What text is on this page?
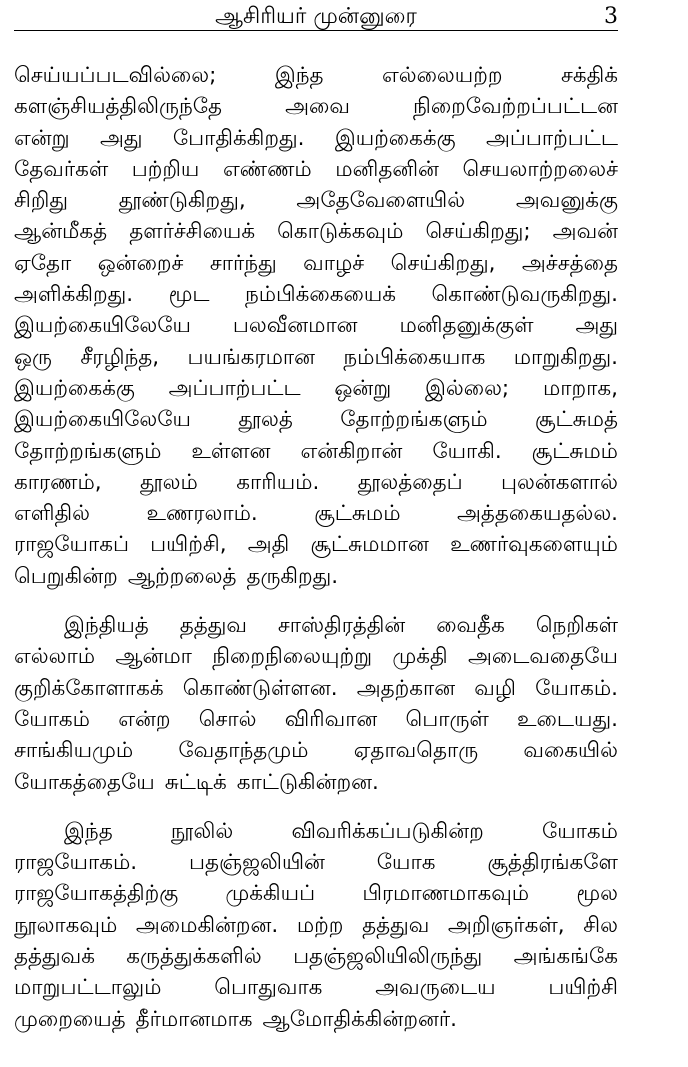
ஆசிரியர் முன்னுரை	3
செய்யப்படவில்லை;	இந்த	எல்லையற்ற	சக்திக்
களஞ்சியத்திலிருந்தே	அவை	நிறைவேற்றப்பட்டன
என்று அது போதிக்கிறது. இயற்கைக்கு அப்பாற்பட்ட
தேவர்கள் பற்றிய எண்ணம் மனிதனின் செயலாற்றலைச்
சிறிது தூண்டுகிறது, அதேவேளையில் அவனுக்கு
ஆன்மீகத் தளர்ச்சியைக் கொடுக்கவும் செய்கிறது; அவன்
ஏதோ ஒன்றைச் சார்ந்து வாழச் செய்கிறது, அச்சத்தை
அளிக்கிறது. மூட நம்பிக்கையைக் கொண்டுவருகிறது.
இயற்கையிலேயே பலவீனமான மனிதனுக்குள் அது
ஒரு சீரழிந்த, பயங்கரமான நம்பிக்கையாக மாறுகிறது.
இயற்கைக்கு அப்பாற்பட்ட ஒன்று இல்லை; மாறாக,
இயற்கையிலேயே தூலத் தோற்றங்களும் சூட்சுமத்
தோற்றங்களும் உள்ளன என்கிறான் யோகி. சூட்சுமம்
காரணம், தூலம் காரியம். தூலத்தைப் புலன்களால்
எளிதில்	உணரலாம்.	சூட்சுமம்	அத்தகையதல்ல.
ராஜயோகப் பயிற்சி, அதி சூட்சுமமான உணர்வுகளையும்
பெறுகின்ற ஆற்றலைத் தருகிறது.
இந்தியத் தத்துவ சாஸ்திரத்தின் வைதீக நெறிகள்
எல்லாம் ஆன்மா நிறைநிலையுற்று முக்தி அடைவதையே
குறிக்கோளாகக் கொண்டுள்ளன. அதற்கான வழி யோகம்.
யோகம் என்ற சொல் விரிவான பொருள் உடையது.
சாங்கியமும் வேதாந்தமும் ஏதாவதொரு வகையில்
யோகத்தையே சுட்டிக் காட்டுகின்றன.
இந்த	நூலில்	விவரிக்கப்படுகின்ற	யோகம்
ராஜயோகம். பதஞ்ஜலியின் யோக சூத்திரங்களே
ராஜயோகத்திற்கு முக்கியப் பிரமாணமாகவும் மூல
நூலாகவும் அமைகின்றன. மற்ற தத்துவ அறிஞர்கள், சில
தத்துவக் கருத்துக்களில் பதஞ்ஜலியிலிருந்து அங்கங்கே
மாறுபட்டாலும் பொதுவாக அவருடைய பயிற்சி
முறையைத் தீர்மானமாக ஆமோதிக்கின்றனர்.
